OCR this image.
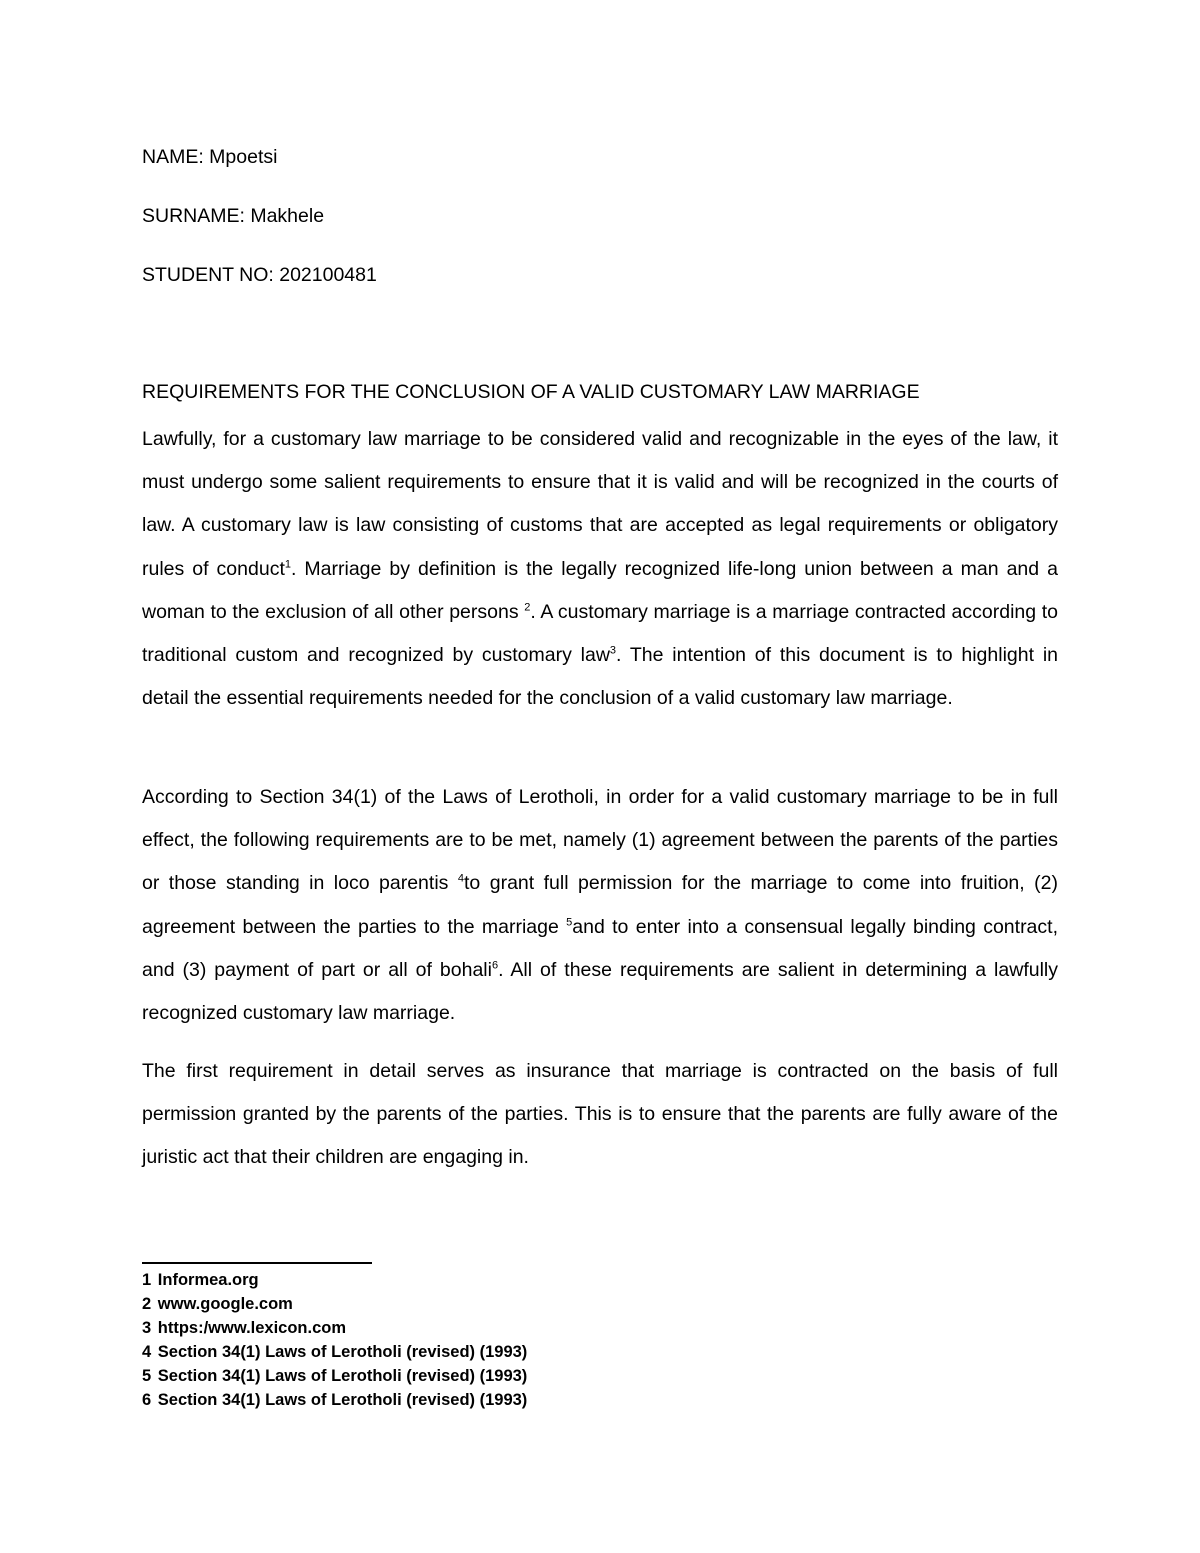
NAME: Mpoetsi

SURNAME: Makhele

STUDENT NO: 202100481

REQUIREMENTS FOR THE CONCLUSION OF A VALID CUSTOMARY LAW MARRIAGE

Lawfully, for a customary law marriage to be considered valid and recognizable in the eyes of the law, it must undergo some salient requirements to ensure that it is valid and will be recognized in the courts of law. A customary law is law consisting of customs that are accepted as legal requirements or obligatory rules of conduct$^1$. Marriage by definition is the legally recognized life-long union between a man and a woman to the exclusion of all other persons $^2$. A customary marriage is a marriage contracted according to traditional custom and recognized by customary law$^3$. The intention of this document is to highlight in detail the essential requirements needed for the conclusion of a valid customary law marriage.

According to Section 34(1) of the Laws of Lerotholi, in order for a valid customary marriage to be in full effect, the following requirements are to be met, namely (1) agreement between the parents of the parties or those standing in loco parentis $^4$to grant full permission for the marriage to come into fruition, (2) agreement between the parties to the marriage $^5$and to enter into a consensual legally binding contract, and (3) payment of part or all of bohali$^6$. All of these requirements are salient in determining a lawfully recognized customary law marriage.

The first requirement in detail serves as insurance that marriage is contracted on the basis of full permission granted by the parents of the parties. This is to ensure that the parents are fully aware of the juristic act that their children are engaging in.

1 Informea.org
2 www.google.com
3 https:/www.lexicon.com
4 Section 34(1) Laws of Lerotholi (revised) (1993)
5 Section 34(1) Laws of Lerotholi (revised) (1993)
6 Section 34(1) Laws of Lerotholi (revised) (1993)
